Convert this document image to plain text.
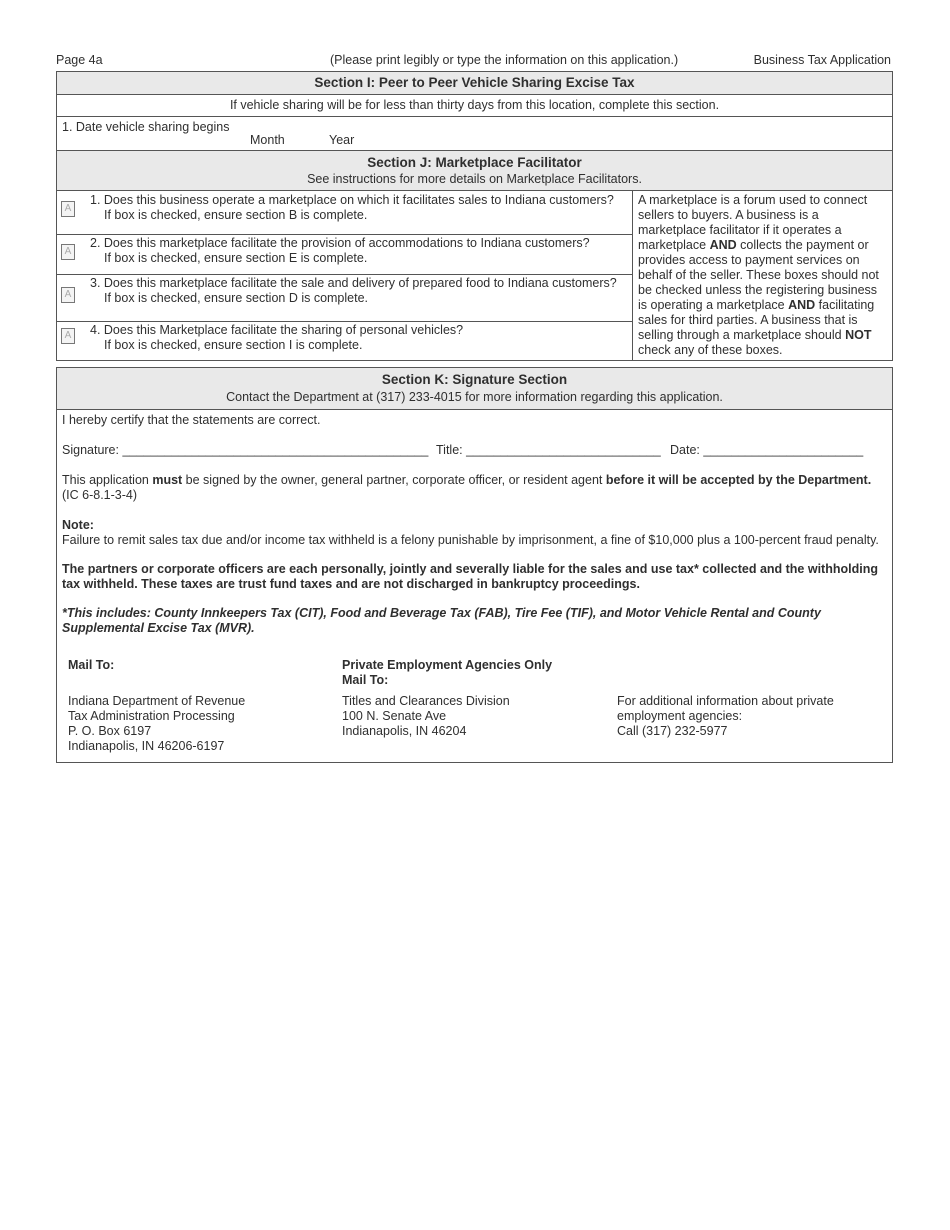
Page 4a	(Please print legibly or type the information on this application.)	Business Tax Application
Section I: Peer to Peer Vehicle Sharing Excise Tax
If vehicle sharing will be for less than thirty days from this location, complete this section.
1. Date vehicle sharing begins
Month	Year
Section J: Marketplace Facilitator
See instructions for more details on Marketplace Facilitators.
A
1. Does this business operate a marketplace on which it facilitates sales to Indiana customers?
If box is checked, ensure section B is complete.
A
2. Does this marketplace facilitate the provision of accommodations to Indiana customers?
If box is checked, ensure section E is complete.
A
3. Does this marketplace facilitate the sale and delivery of prepared food to Indiana customers?
If box is checked, ensure section D is complete.
A 4. Does this Marketplace facilitate the sharing of personal vehicles?
If box is checked, ensure section I is complete.
A marketplace is a forum used to connect sellers to buyers. A business is a marketplace facilitator if it operates a marketplace AND collects the payment or provides access to payment services on behalf of the seller. These boxes should not be checked unless the registering business is operating a marketplace AND facilitating sales for third parties. A business that is selling through a marketplace should NOT check any of these boxes.
Section K: Signature Section
Contact the Department at (317) 233-4015 for more information regarding this application.
I hereby certify that the statements are correct.
Signature: ____________________________________________ Title: ____________________________ Date: _______________________
This application must be signed by the owner, general partner, corporate officer, or resident agent before it will be accepted by the Department. (IC 6-8.1-3-4)
Note:
Failure to remit sales tax due and/or income tax withheld is a felony punishable by imprisonment, a fine of $10,000 plus a 100-percent fraud penalty.
The partners or corporate officers are each personally, jointly and severally liable for the sales and use tax* collected and the withholding tax withheld. These taxes are trust fund taxes and are not discharged in bankruptcy proceedings.
*This includes: County Innkeepers Tax (CIT), Food and Beverage Tax (FAB), Tire Fee (TIF), and Motor Vehicle Rental and County Supplemental Excise Tax (MVR).
Mail To:
Indiana Department of Revenue
Tax Administration Processing
P. O. Box 6197
Indianapolis, IN 46206-6197
Private Employment Agencies Only
Mail To:
Titles and Clearances Division
100 N. Senate Ave
Indianapolis, IN 46204
For additional information about private
employment agencies:
Call (317) 232-5977
